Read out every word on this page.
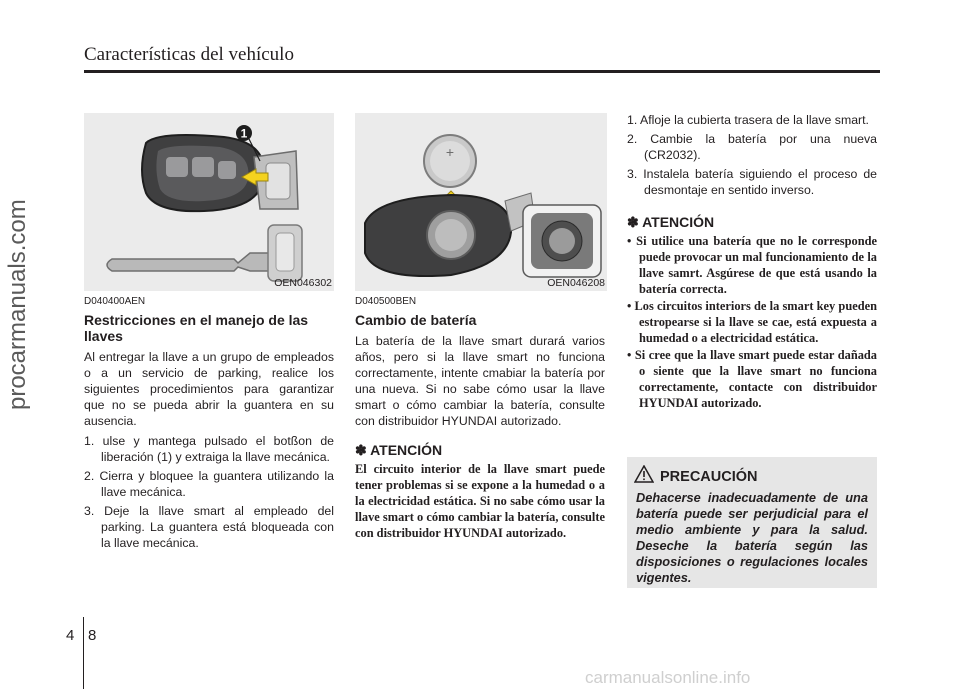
Características del vehículo
procarmanuals.com
1
OEN046302
+
OEN046208
D040400AEN
Restricciones en el manejo de las llaves

Al entregar la llave a un grupo de empleados o a un servicio de parking, realice los siguientes procedimientos para garantizar que no se pueda abrir la guantera en su ausencia.

1. ulse y mantega pulsado el botßon de liberación (1) y extraiga la llave mecánica.
2. Cierra y bloquee la guantera utilizando la llave mecánica.
3. Deje la llave smart al empleado del parking. La guantera está bloqueada con la llave mecánica.
D040500BEN
Cambio de batería
La batería de la llave smart durará varios años, pero si la llave smart no funciona correctamente, intente cmabiar la batería por una nueva. Si no sabe cómo usar la llave smart o cómo cambiar la batería, consulte con distribuidor HYUNDAI autorizado.
✽ ATENCIÓN
El circuito interior de la llave smart puede tener problemas si se expone a la humedad o a la electricidad estática. Si no sabe cómo usar la llave smart o cómo cambiar la batería, consulte con distribuidor HYUNDAI autorizado.
1. Afloje la cubierta trasera de la llave smart.
2. Cambie la batería por una nueva (CR2032).
3. Instalela batería siguiendo el proceso de desmontaje en sentido inverso.
✽ ATENCIÓN
• Si utilice una batería que no le corresponde puede provocar un mal funcionamiento de la llave samrt. Asgúrese de que está usando la batería correcta.
• Los circuitos interiors de la smart key pueden estropearse si la llave se cae, está expuesta a humedad o a electricidad estática.
• Si cree que la llave smart puede estar dañada o siente que la llave smart no funciona correctamente, contacte con distribuidor HYUNDAI autorizado.
PRECAUCIÓN
Dehacerse inadecuadamente de una batería puede ser perjudicial para el medio ambiente y para la salud. Deseche la batería según las disposiciones o regulaciones locales vigentes.
4 8
carmanualsonline.info
